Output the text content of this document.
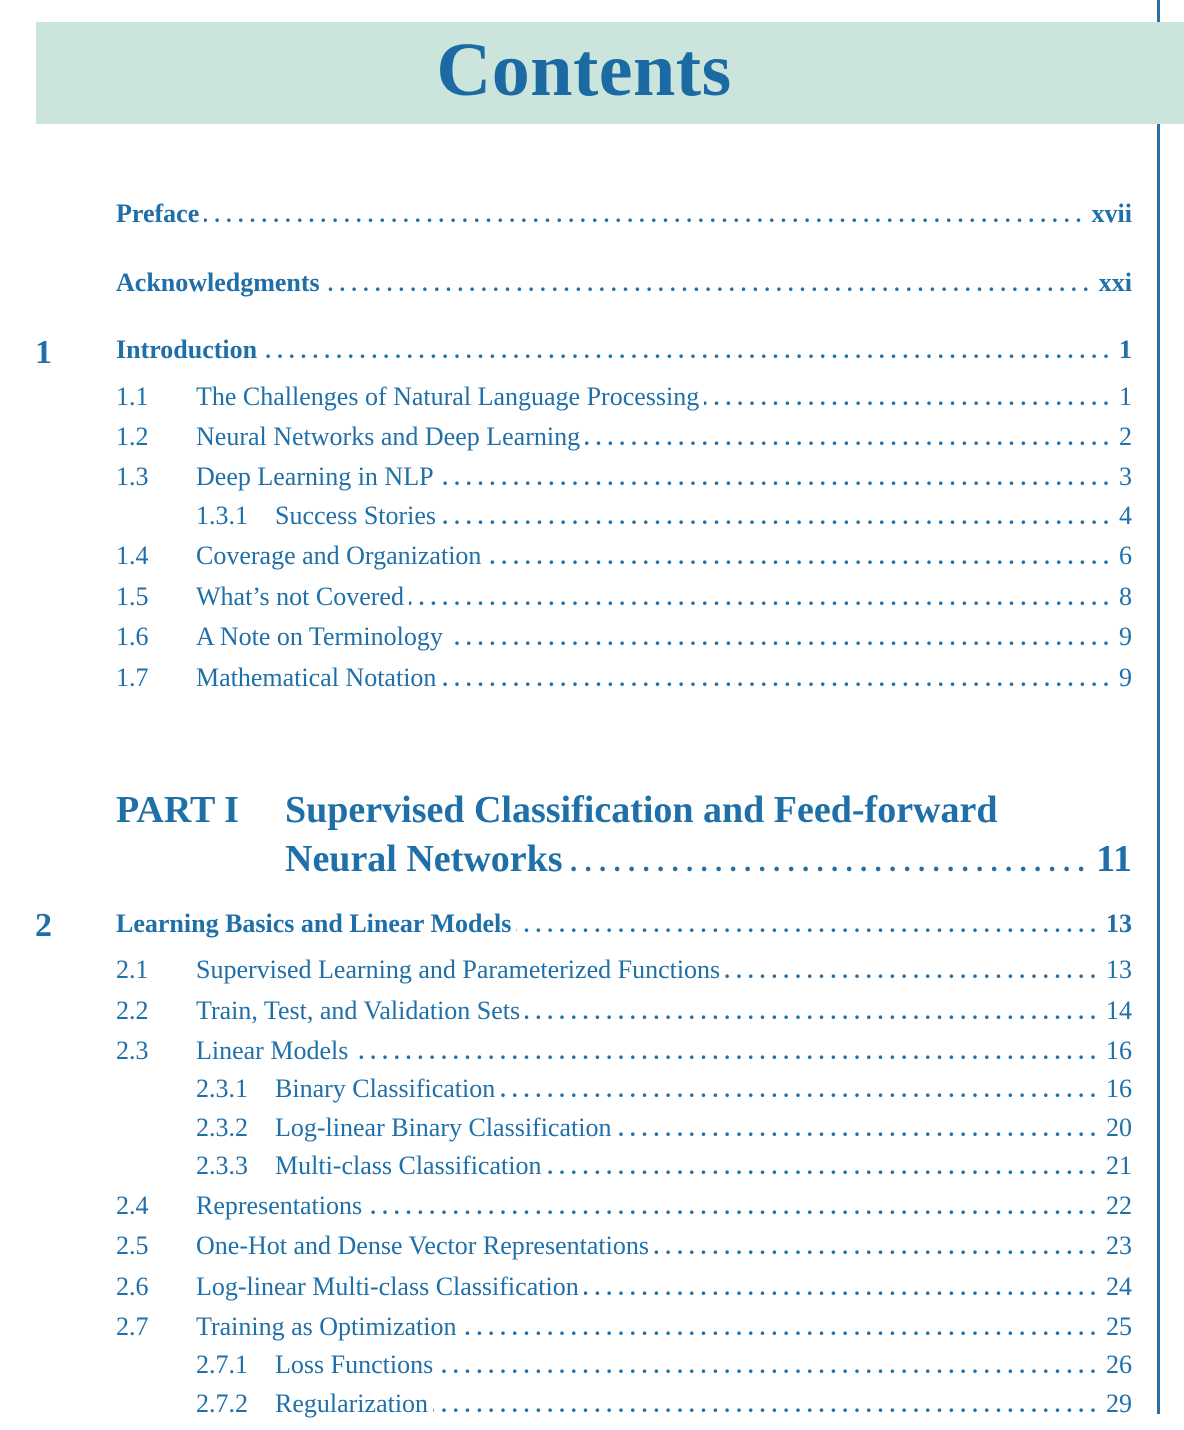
Contents
Preface .....	xvii
Acknowledgments .....	xxi
1 Introduction .....	1
1.1 The Challenges of Natural Language Processing .....	1
1.2 Neural Networks and Deep Learning .....	2
1.3 Deep Learning in NLP .....	3
1.3.1 Success Stories .....	4
1.4 Coverage and Organization .....	6
1.5 What’s not Covered .....	8
1.6 A Note on Terminology .....	9
1.7 Mathematical Notation .....	9
PART I Supervised Classification and Feed-forward
Neural Networks .....	11
2 Learning Basics and Linear Models .....	13
2.1 Supervised Learning and Parameterized Functions .....	13
2.2 Train, Test, and Validation Sets .....	14
2.3 Linear Models .....	16
2.3.1 Binary Classification .....	16
2.3.2 Log-linear Binary Classification .....	20
2.3.3 Multi-class Classification .....	21
2.4 Representations .....	22
2.5 One-Hot and Dense Vector Representations .....	23
2.6 Log-linear Multi-class Classification .....	24
2.7 Training as Optimization .....	25
2.7.1 Loss Functions .....	26
2.7.2 Regularization .....	29
